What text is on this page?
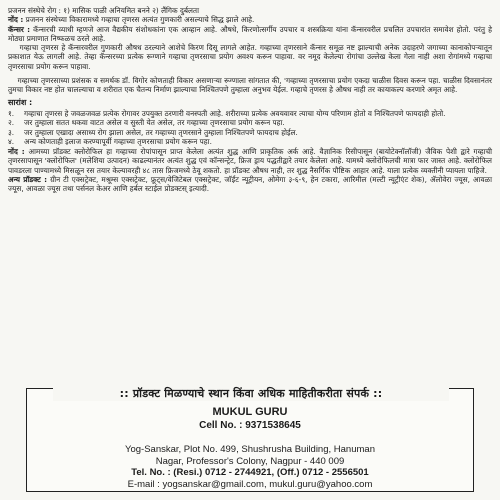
प्रजनन संस्थेचे रोग : १) मासिक पाळी अनियमित बनने २) लैंगिक दुर्बलता

नोंद : प्रजनन संस्थेच्या विकारामध्ये गव्हाचा तृणरस अत्यंत गुणकारी असल्याचे सिद्ध झाले आहे.

कॅन्सर : कॅन्सरची व्याधी म्हणजे आज वैद्यकीय संशोधकांना एक आव्हान आहे. औषधे, किरणोत्सर्गीय उपचार व शस्त्रक्रिया यांना कॅन्सरवरील प्रचलित उपचारांत समावेश होतो. परंतु हे मोठ्या प्रमाणात निष्फळच ठरले आहे.

गव्हाचा तृणरस हे कॅन्सरवरील गुणकारी औषध ठरल्याने आशेचे किरण दिसू लागले आहेत. गव्हाच्या तृणरसाने कॅन्सर समूळ नष्ट झाल्याची अनेक उदाहरणे जगाच्या कानाकोपऱ्यातून प्रकाशात येऊ लागली आहे. तेव्हा कॅन्सरच्या प्रत्येक रूग्णाने गव्हाचा तृणरसाचा प्रयोग अवश्य करून पाहावा. वर नमूद केलेल्या रोगांचा उल्लेख केला गेला नाही अशा रोगांमध्ये गव्हाचा तृणरसाचा प्रयोग करून पाहावा.

गव्हाच्या तृणरसाच्या प्रशंसक व समर्थक डॉ. विगोर कोणताही विकार असणाऱ्या रूग्णाला सांगतात की, 'गव्हाच्या तृणरसाचा प्रयोग एकदा चाळीस दिवस करून पहा. चाळीस दिवसानंतर तुमचा विकार नष्ट होत चालल्याचा व शरीरात एक चैतन्य निर्माण झाल्याचा निश्चितपणे तुम्हाला अनुभव येईल. गव्हाचे तृणरस हे औषध नाही तर कायाकल्प करणारे अमृत आहे.

सारांश :

१.	गव्हाचा तृणरस हे जवळजवळ प्रत्येक रोगावर उपयुक्त ठरणारी वनस्पती आहे. शरीराच्या प्रत्येक अवयवावर त्याचा योग्य परिणाम होतो व निश्चितपणे फायदाही होतो.
२.	जर तुम्हाला सतत थकवा वाटत असेल व सुस्ती येत असेल, तर गव्हाच्या तृणरसाचा प्रयोग करून पहा.
३.	जर तुम्हाला एखादा असाध्य रोग झाला असेल, तर गव्हाच्या तृणरसाने तुम्हाला निश्चितपणे फायदाच होईल.
४.	अन्य कोणताही इलाज करण्यापूर्वी गव्हाच्या तृणरसाचा प्रयोग करून पहा.

नोंद : आमच्या प्रॉडक्ट क्लोरोफिल हा गव्हाच्या रोपांपासून प्राप्त केलेला अत्यंत शुद्ध आणि प्राकृतिक अर्क आहे. वैज्ञानिक रिसीपासून (बायोटेक्नॉलॉजी) जैविक पेशी द्वारे गव्हाची तृणरसापासून 'क्लोरोफिल' (मलेशिया उत्पादन) काढल्यानंतर अत्यंत शुद्ध एवं कॉन्सन्ट्रेट, फ्रिज ड्राय पद्धतीद्वारे तयार केलेला आहे. यामध्ये क्लोरोफिलची मात्रा फार जास्त आहे. क्लोरोफिल पावडरला पाण्यामध्ये मिसळून रस तयार केल्यावरही ४८ तास फ्रिजमध्ये ठेवू शकतो. हा प्रॉडक्ट औषध नाही, तर शुद्ध नैसर्गिक पौष्टिक आहार आहे. याला प्रत्येक व्यक्तीनी प्यायला पाहिजे.

अन्य प्रॉडक्ट : ग्रीन टी एक्सट्रेक्ट, मश्रूम्स एक्सट्रेक्ट, फ्रूट्स/वेजिटेबल एक्सट्रेक्ट, जॉईंट न्यूट्रीयन, ओमेगा ३-६-९, हेन टकारा, आरिमील (मल्टी न्यूट्रीएंट शेक), ॲलोवेरा ज्यूस, आवळा ज्यूस, आवळा ज्यूस तथा पर्सनल केअर आणि हर्बल स्टाईल प्रोडक्टस् इत्यादी.

:: प्रॉडक्ट मिळण्याचे स्थान किंवा अधिक माहितीकरीता संपर्क ::
MUKUL GURU
Cell No. : 9371538645
Yog-Sanskar, Plot No. 499, Shushrusha Building, Hanuman
Nagar, Professor's Colony, Nagpur - 440 009
Tel. No. : (Resi.) 0712 - 2744921, (Off.) 0712 - 2556501
E-mail : yogsanskar@gmail.com, mukul.guru@yahoo.com
